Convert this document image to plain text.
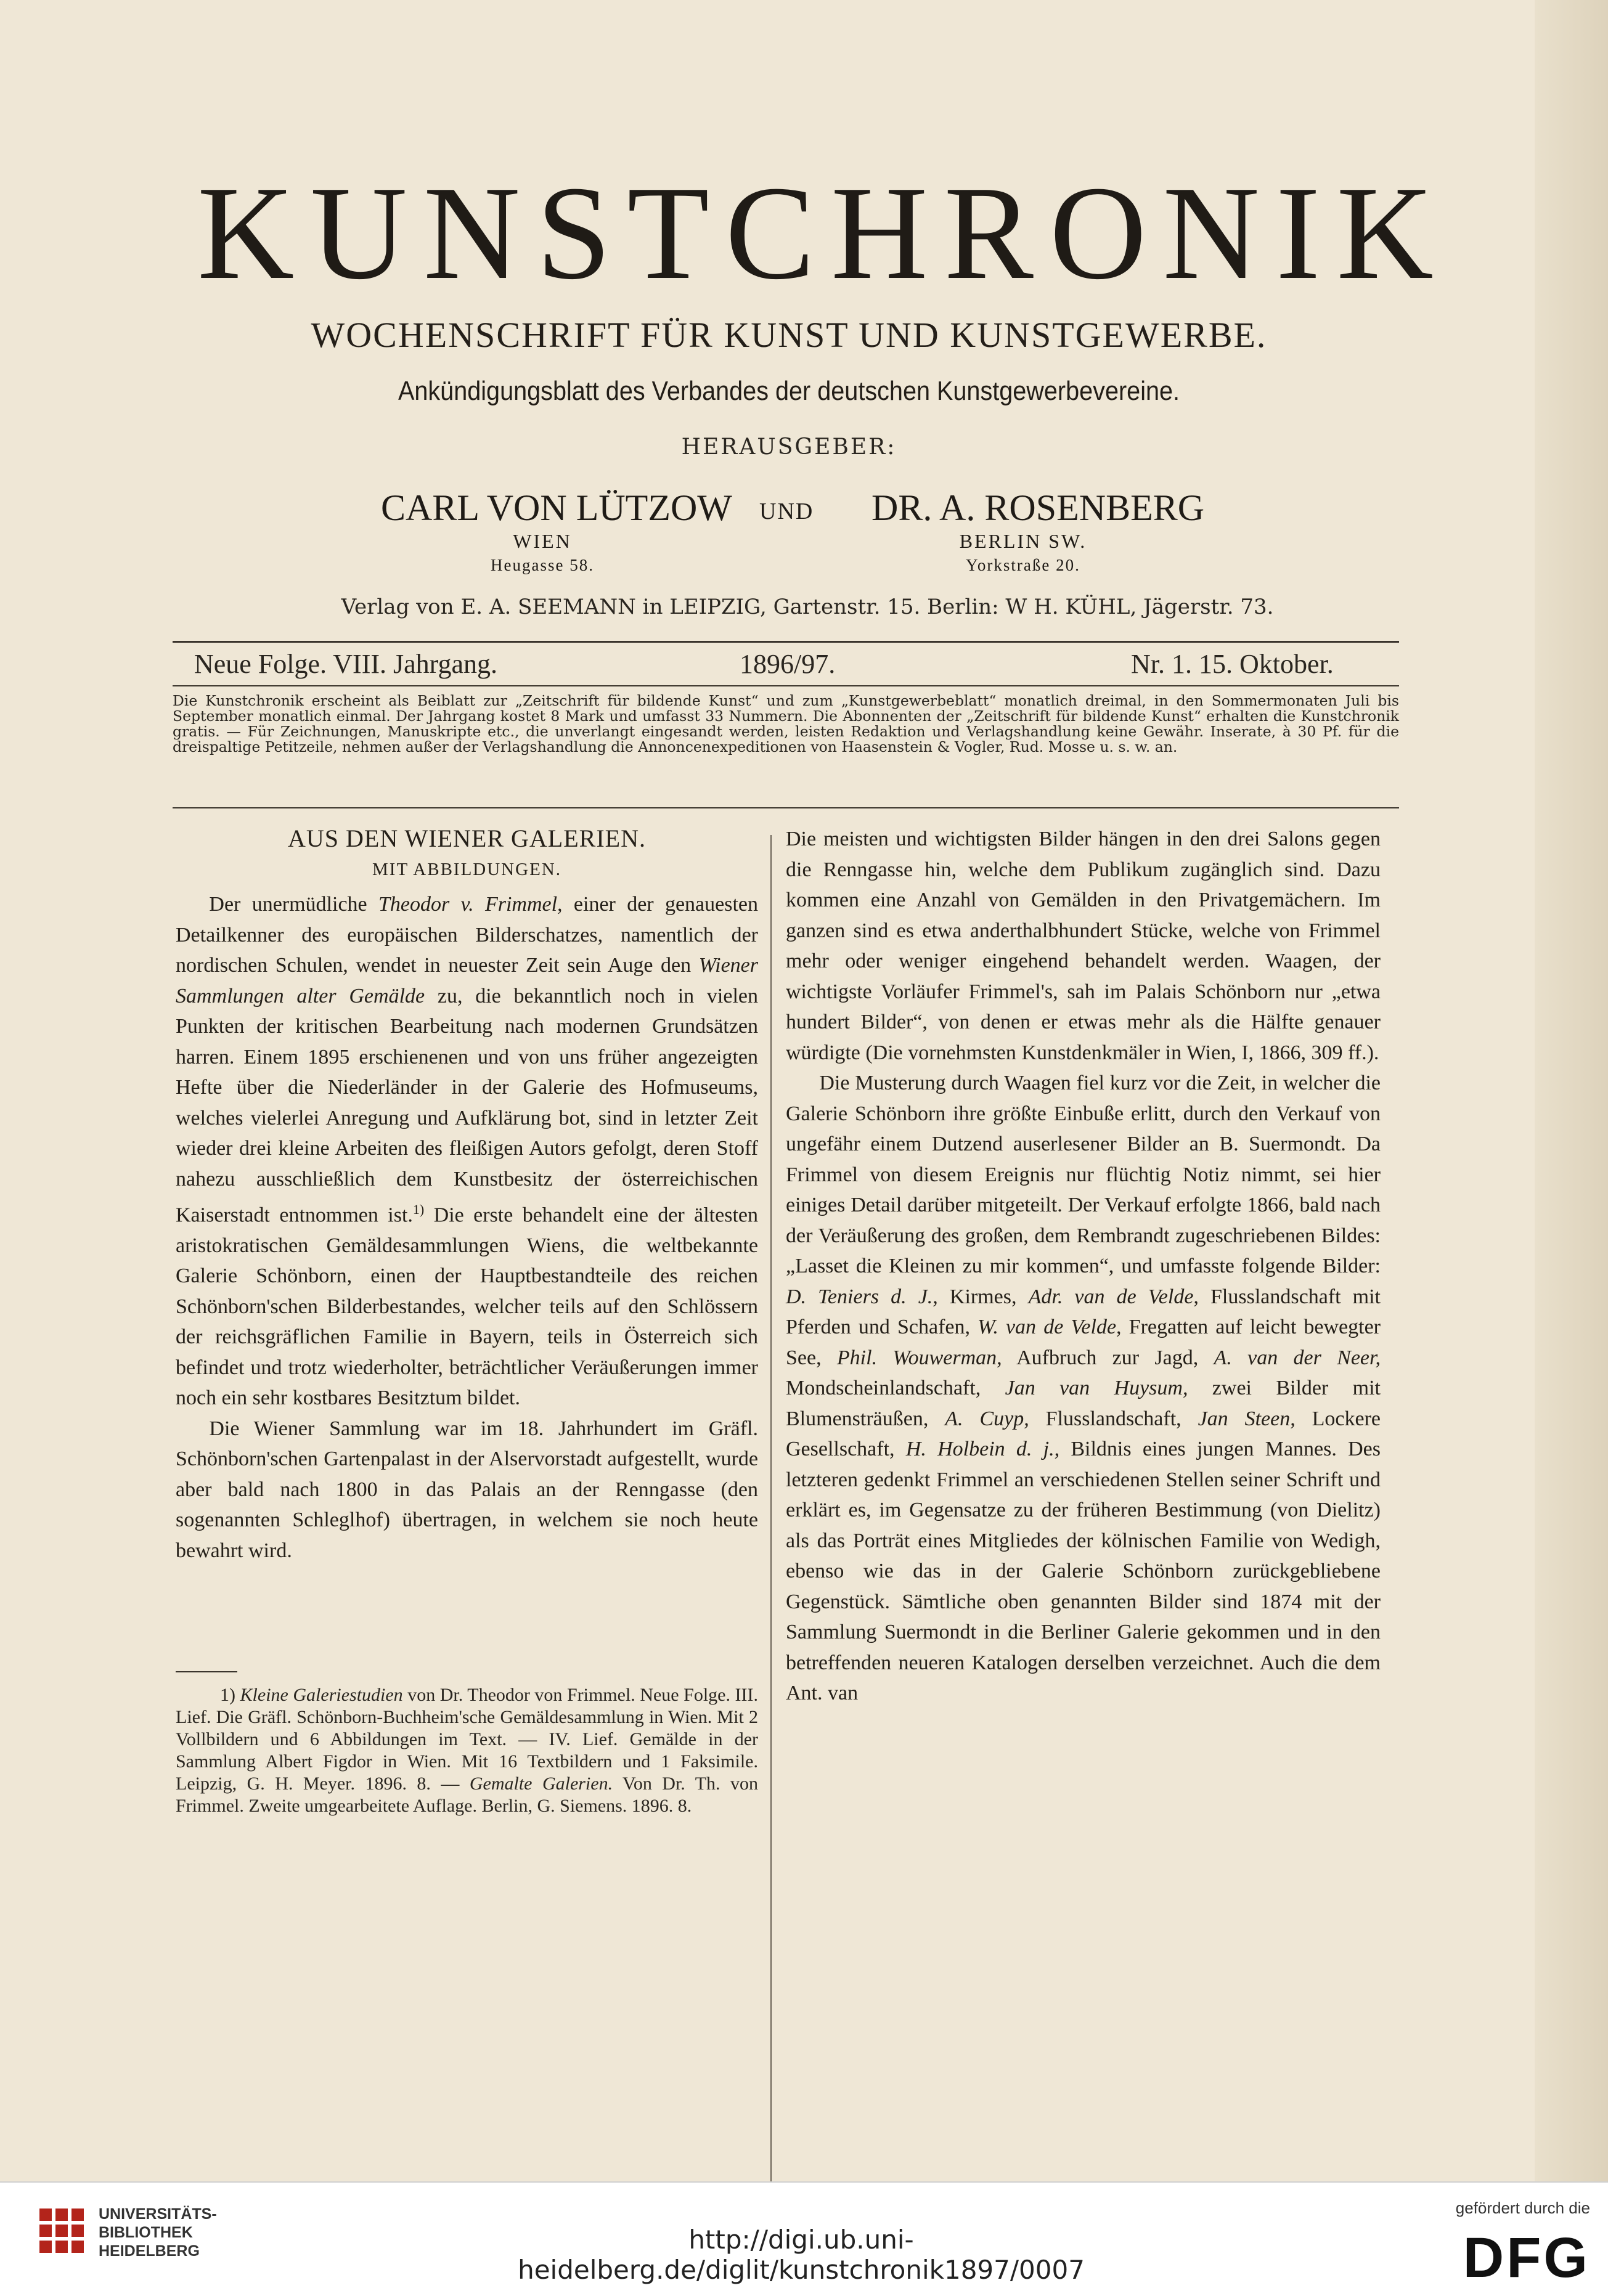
KUNSTCHRONIK
WOCHENSCHRIFT FÜR KUNST UND KUNSTGEWERBE.
Ankündigungsblatt des Verbandes der deutschen Kunstgewerbevereine.
HERAUSGEBER:
CARL VON LÜTZOW
WIEN
Heugasse 58.
UND DR. A. ROSENBERG
BERLIN SW.
Yorkstraße 20.
Verlag von E. A. SEEMANN in LEIPZIG, Gartenstr. 15. Berlin: W H. KÜHL, Jägerstr. 73.
Neue Folge. VIII. Jahrgang.	1896/97.	Nr. 1. 15. Oktober.

Die Kunstchronik erscheint als Beiblatt zur „Zeitschrift für bildende Kunst“ und zum „Kunstgewerbeblatt“ monatlich dreimal, in den Sommermonaten Juli bis September monatlich einmal. Der Jahrgang kostet 8 Mark und umfasst 33 Nummern. Die Abonnenten der „Zeitschrift für bildende Kunst“ erhalten die Kunstchronik gratis. — Für Zeichnungen, Manuskripte etc., die unverlangt eingesandt werden, leisten Redaktion und Verlagshandlung keine Gewähr. Inserate, à 30 Pf. für die dreispaltige Petitzeile, nehmen außer der Verlagshandlung die Annoncenexpeditionen von Haasenstein & Vogler, Rud. Mosse u. s. w. an.

AUS DEN WIENER GALERIEN.
MIT ABBILDUNGEN.

Der unermüdliche Theodor v. Frimmel, einer der genauesten Detailkenner des europäischen Bilderschatzes, namentlich der nordischen Schulen, wendet in neuester Zeit sein Auge den Wiener Sammlungen alter Gemälde zu, die bekanntlich noch in vielen Punkten der kritischen Bearbeitung nach modernen Grundsätzen harren. Einem 1895 erschienenen und von uns früher angezeigten Hefte über die Niederländer in der Galerie des Hofmuseums, welches vielerlei Anregung und Aufklärung bot, sind in letzter Zeit wieder drei kleine Arbeiten des fleißigen Autors gefolgt, deren Stoff nahezu ausschließlich dem Kunstbesitz der österreichischen Kaiserstadt entnommen ist.$^{1)}$ Die erste behandelt eine der ältesten aristokratischen Gemäldesammlungen Wiens, die weltbekannte Galerie Schönborn, einen der Hauptbestandteile des reichen Schönborn'schen Bilderbestandes, welcher teils auf den Schlössern der reichsgräflichen Familie in Bayern, teils in Österreich sich befindet und trotz wiederholter, beträchtlicher Veräußerungen immer noch ein sehr kostbares Besitztum bildet.

Die Wiener Sammlung war im 18. Jahrhundert im Gräfl. Schönborn'schen Gartenpalast in der Alservorstadt aufgestellt, wurde aber bald nach 1800 in das Palais an der Renngasse (den sogenannten Schleglhof) übertragen, in welchem sie noch heute bewahrt wird.

1) Kleine Galeriestudien von Dr. Theodor von Frimmel. Neue Folge. III. Lief. Die Gräfl. Schönborn-Buchheim'sche Gemäldesammlung in Wien. Mit 2 Vollbildern und 6 Abbildungen im Text. — IV. Lief. Gemälde in der Sammlung Albert Figdor in Wien. Mit 16 Textbildern und 1 Faksimile. Leipzig, G. H. Meyer. 1896. 8. — Gemalte Galerien. Von Dr. Th. von Frimmel. Zweite umgearbeitete Auflage. Berlin, G. Siemens. 1896. 8.

Die meisten und wichtigsten Bilder hängen in den drei Salons gegen die Renngasse hin, welche dem Publikum zugänglich sind. Dazu kommen eine Anzahl von Gemälden in den Privatgemächern. Im ganzen sind es etwa anderthalbhundert Stücke, welche von Frimmel mehr oder weniger eingehend behandelt werden. Waagen, der wichtigste Vorläufer Frimmel's, sah im Palais Schönborn nur „etwa hundert Bilder“, von denen er etwas mehr als die Hälfte genauer würdigte (Die vornehmsten Kunstdenkmäler in Wien, I, 1866, 309 ff.).

Die Musterung durch Waagen fiel kurz vor die Zeit, in welcher die Galerie Schönborn ihre größte Einbuße erlitt, durch den Verkauf von ungefähr einem Dutzend auserlesener Bilder an B. Suermondt. Da Frimmel von diesem Ereignis nur flüchtig Notiz nimmt, sei hier einiges Detail darüber mitgeteilt. Der Verkauf erfolgte 1866, bald nach der Veräußerung des großen, dem Rembrandt zugeschriebenen Bildes: „Lasset die Kleinen zu mir kommen“, und umfasste folgende Bilder: D. Teniers d. J., Kirmes, Adr. van de Velde, Flusslandschaft mit Pferden und Schafen, W. van de Velde, Fregatten auf leicht bewegter See, Phil. Wouwerman, Aufbruch zur Jagd, A. van der Neer, Mondscheinlandschaft, Jan van Huysum, zwei Bilder mit Blumensträußen, A. Cuyp, Flusslandschaft, Jan Steen, Lockere Gesellschaft, H. Holbein d. j., Bildnis eines jungen Mannes. Des letzteren gedenkt Frimmel an verschiedenen Stellen seiner Schrift und erklärt es, im Gegensatze zu der früheren Bestimmung (von Dielitz) als das Porträt eines Mitgliedes der kölnischen Familie von Wedigh, ebenso wie das in der Galerie Schönborn zurückgebliebene Gegenstück. Sämtliche oben genannten Bilder sind 1874 mit der Sammlung Suermondt in die Berliner Galerie gekommen und in den betreffenden neueren Katalogen derselben verzeichnet. Auch die dem Ant. van

UNIVERSITÄTS-
BIBLIOTHEK
HEIDELBERG	http://digi.ub.uni-heidelberg.de/diglit/kunstchronik1897/0007
gefördert durch die
DFG
